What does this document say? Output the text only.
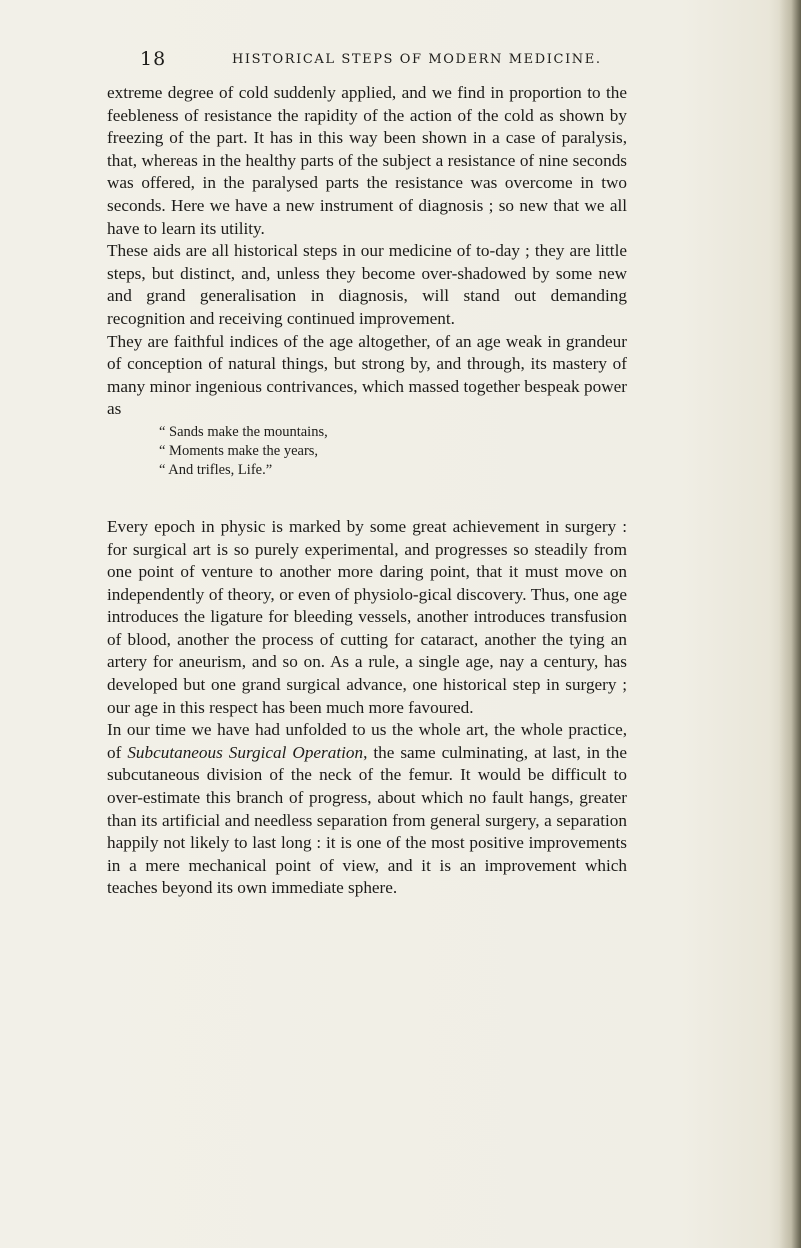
18	HISTORICAL STEPS OF MODERN MEDICINE.

extreme degree of cold suddenly applied, and we find in proportion to the feebleness of resistance the rapidity of the action of the cold as shown by freezing of the part. It has in this way been shown in a case of paralysis, that, whereas in the healthy parts of the subject a resistance of nine seconds was offered, in the paralysed parts the resistance was overcome in two seconds. Here we have a new instrument of diagnosis ; so new that we all have to learn its utility.

These aids are all historical steps in our medicine of to-day ; they are little steps, but distinct, and, unless they become over-shadowed by some new and grand generalisation in diagnosis, will stand out demanding recognition and receiving continued improvement.

They are faithful indices of the age altogether, of an age weak in grandeur of conception of natural things, but strong by, and through, its mastery of many minor ingenious contrivances, which massed together bespeak power as

“ Sands make the mountains,
“ Moments make the years,
“ And trifles, Life.”

Every epoch in physic is marked by some great achievement in surgery : for surgical art is so purely experimental, and progresses so steadily from one point of venture to another more daring point, that it must move on independently of theory, or even of physiolo-gical discovery. Thus, one age introduces the ligature for bleeding vessels, another introduces transfusion of blood, another the process of cutting for cataract, another the tying an artery for aneurism, and so on. As a rule, a single age, nay a century, has developed but one grand surgical advance, one historical step in surgery ; our age in this respect has been much more favoured.

In our time we have had unfolded to us the whole art, the whole practice, of Subcutaneous Surgical Operation, the same culminating, at last, in the subcutaneous division of the neck of the femur. It would be difficult to over-estimate this branch of progress, about which no fault hangs, greater than its artificial and needless separation from general surgery, a separation happily not likely to last long : it is one of the most positive improvements in a mere mechanical point of view, and it is an improvement which teaches beyond its own immediate sphere.
